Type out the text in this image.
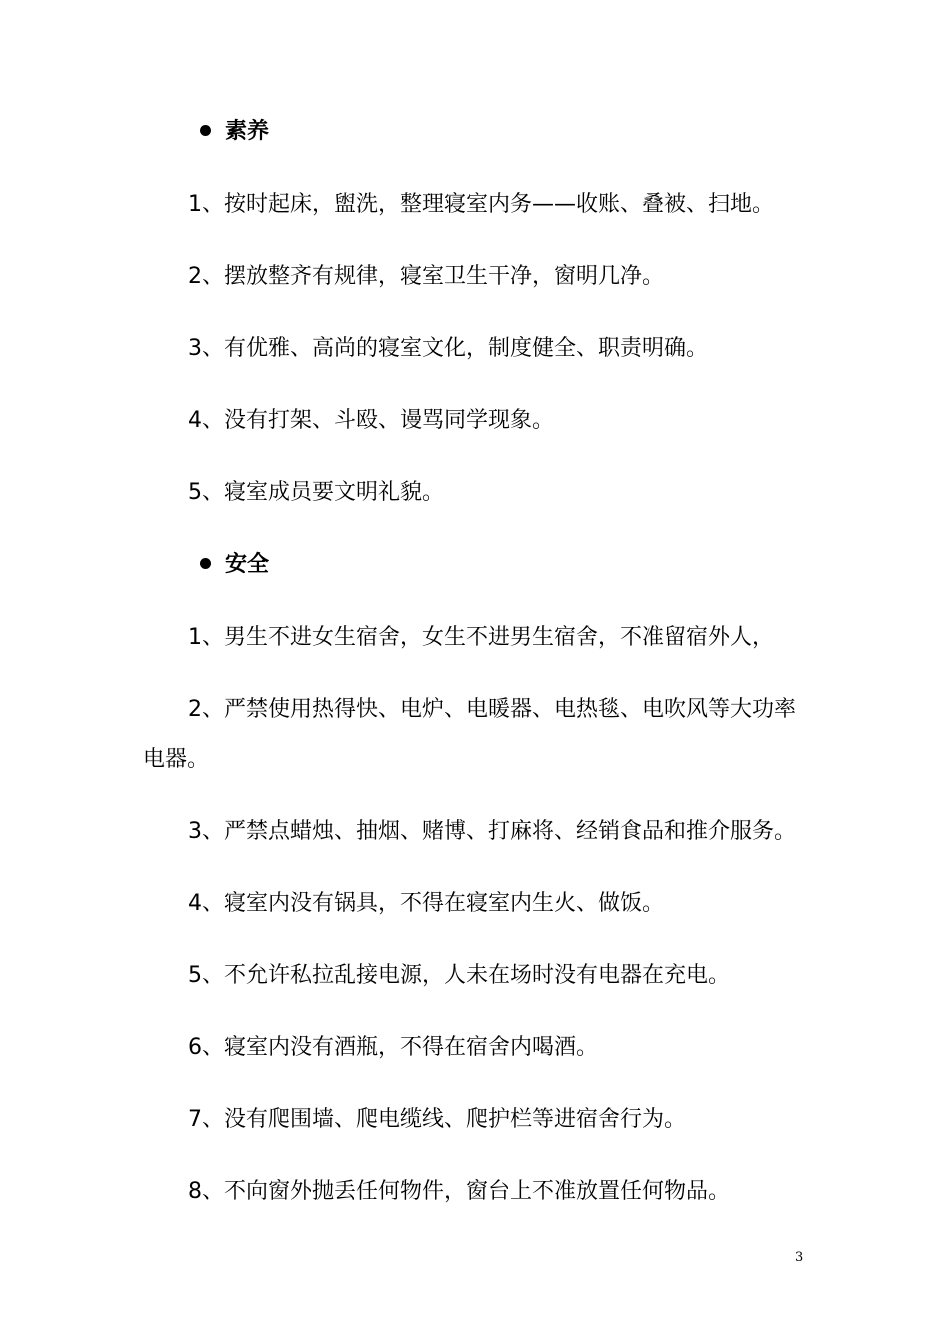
素养
1、按时起床，盥洗，整理寝室内务——收账、叠被、扫地。
2、摆放整齐有规律，寝室卫生干净，窗明几净。
3、有优雅、高尚的寝室文化，制度健全、职责明确。
4、没有打架、斗殴、谩骂同学现象。
5、寝室成员要文明礼貌。
安全
1、男生不进女生宿舍，女生不进男生宿舍，不准留宿外人，
2、严禁使用热得快、电炉、电暖器、电热毯、电吹风等大功率电器。
3、严禁点蜡烛、抽烟、赌博、打麻将、经销食品和推介服务。
4、寝室内没有锅具，不得在寝室内生火、做饭。
5、不允许私拉乱接电源，人未在场时没有电器在充电。
6、寝室内没有酒瓶，不得在宿舍内喝酒。
7、没有爬围墙、爬电缆线、爬护栏等进宿舍行为。
8、不向窗外抛丢任何物件，窗台上不准放置任何物品。
3
